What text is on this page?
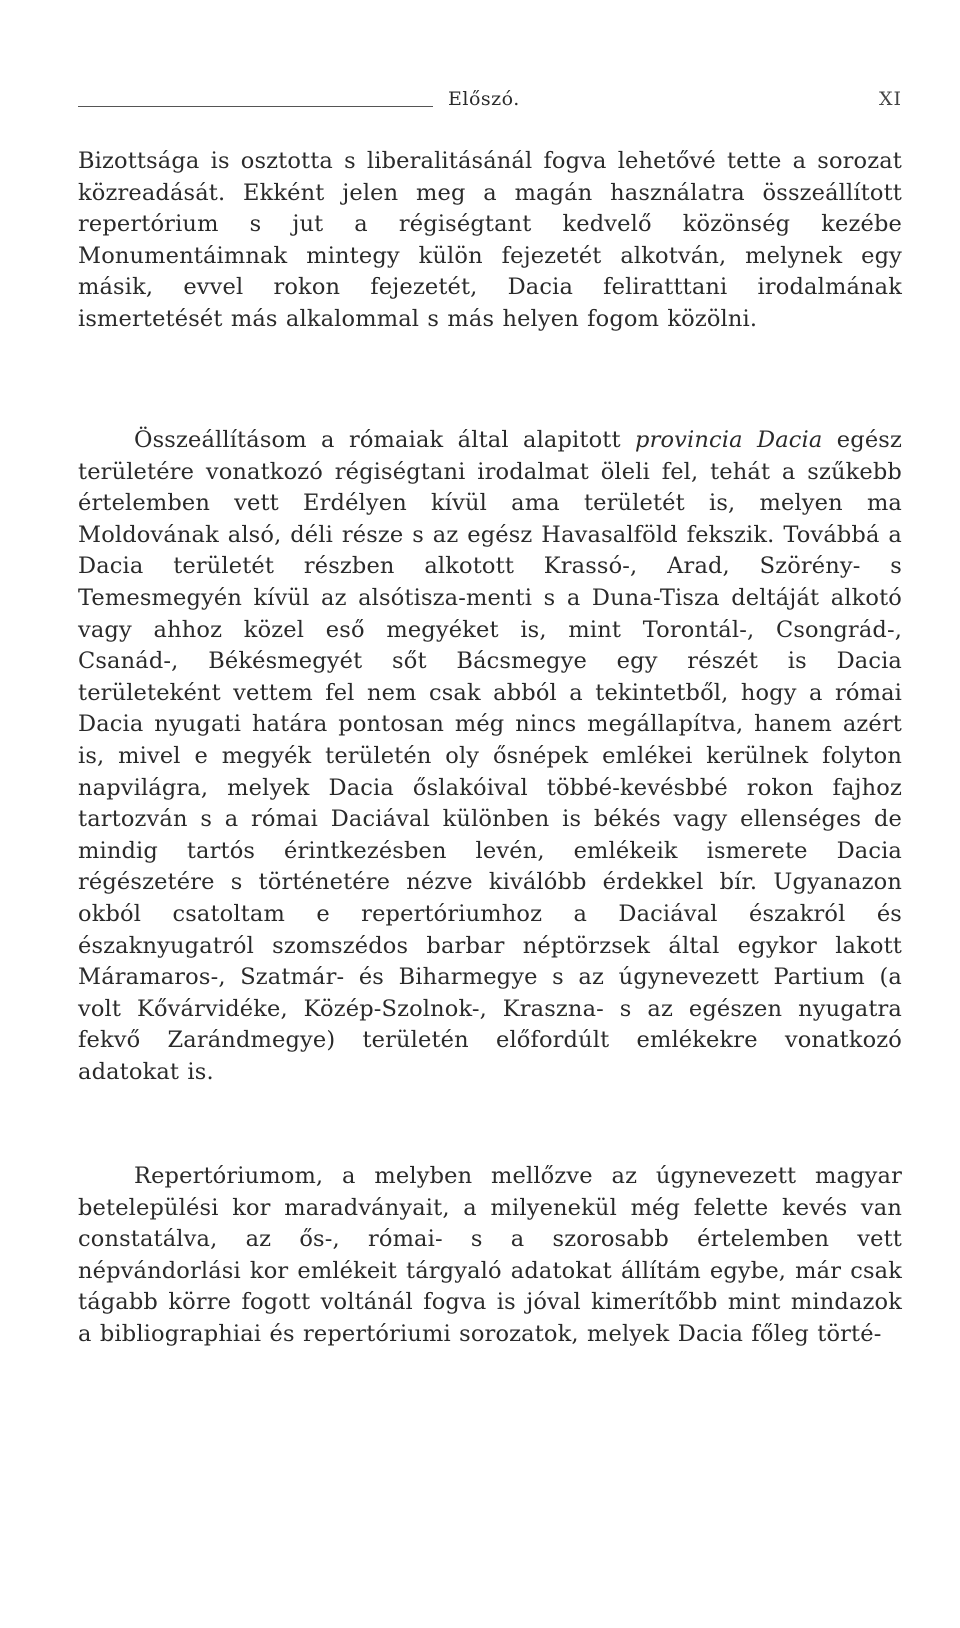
Előszó.	XI
Bizottsága is osztotta s liberalitásánál fogva lehetővé tette a sorozat közreadását. Ekként jelen meg a magán használatra összeállított repertórium s jut a régiségtant kedvelő közönség kezébe Monumentáimnak mintegy külön fejezetét alkotván, melynek egy másik, evvel rokon fejezetét, Dacia feliratttani irodalmának ismertetését más alkalommal s más helyen fogom közölni.
Összeállításom a rómaiak által alapitott provincia Dacia egész területére vonatkozó régiségtani irodalmat öleli fel, tehát a szűkebb értelemben vett Erdélyen kívül ama területét is, melyen ma Moldovának alsó, déli része s az egész Havasalföld fekszik. Továbbá a Dacia területét részben alkotott Krassó-, Arad, Szörény- s Temesmegyén kívül az alsótisza-menti s a Duna-Tisza deltáját alkotó vagy ahhoz közel eső megyéket is, mint Torontál-, Csongrád-, Csanád-, Békésmegyét sőt Bácsmegye egy részét is Dacia területeként vettem fel nem csak abból a tekintetből, hogy a római Dacia nyugati határa pontosan még nincs megállapítva, hanem azért is, mivel e megyék területén oly ősnépek emlékei kerülnek folyton napvilágra, melyek Dacia őslakóival többé-kevésbbé rokon fajhoz tartozván s a római Daciával különben is békés vagy ellenséges de mindig tartós érintkezésben levén, emlékeik ismerete Dacia régészetére s történetére nézve kiválóbb érdekkel bír. Ugyanazon okból csatoltam e repertóriumhoz a Daciával északról és északnyugatról szomszédos barbar néptörzsek által egykor lakott Máramaros-, Szatmár- és Biharmegye s az úgynevezett Partium (a volt Kővárvidéke, Közép-Szolnok-, Kraszna- s az egészen nyugatra fekvő Zarándmegye) területén előfordúlt emlékekre vonatkozó adatokat is.
Repertóriumom, a melyben mellőzve az úgynevezett magyar betelepülési kor maradványait, a milyenekül még felette kevés van constatálva, az ős-, római- s a szorosabb értelemben vett népvándorlási kor emlékeit tárgyaló adatokat állítám egybe, már csak tágabb körre fogott voltánál fogva is jóval kimerítőbb mint mindazok a bibliographiai és repertóriumi sorozatok, melyek Dacia főleg törté-
